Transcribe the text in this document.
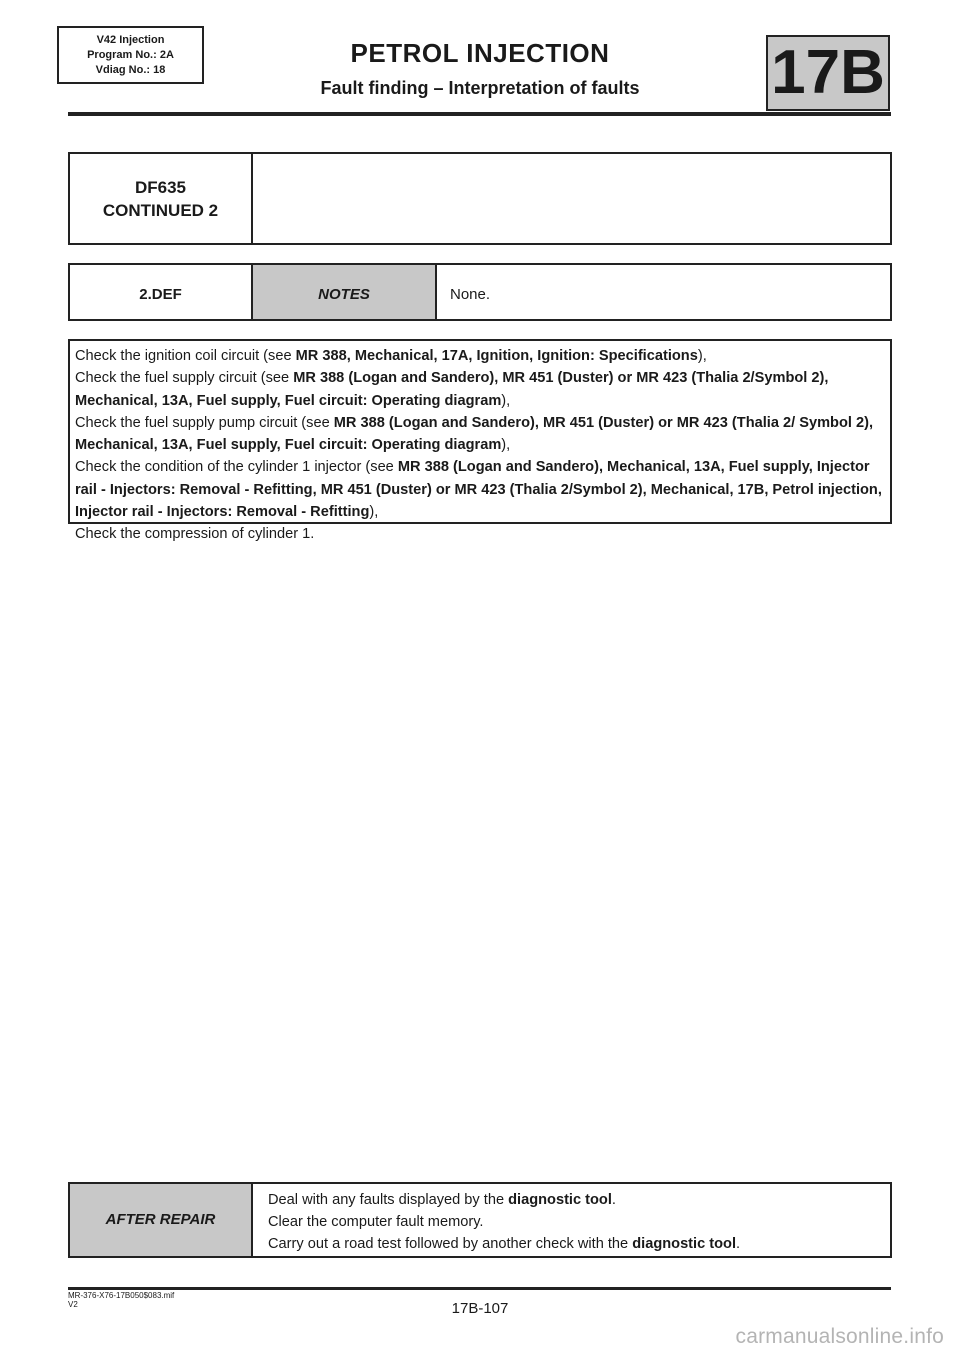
V42 Injection
Program No.: 2A
Vdiag No.: 18
PETROL INJECTION
Fault finding – Interpretation of faults	17B
DF635
CONTINUED 2
2.DEF	NOTES	None.

Check the ignition coil circuit (see MR 388, Mechanical, 17A, Ignition, Ignition: Specifications),

Check the fuel supply circuit (see MR 388 (Logan and Sandero), MR 451 (Duster) or MR 423 (Thalia 2/Symbol 2), Mechanical, 13A, Fuel supply, Fuel circuit: Operating diagram),

Check the fuel supply pump circuit (see MR 388 (Logan and Sandero), MR 451 (Duster) or MR 423 (Thalia 2/ Symbol 2), Mechanical, 13A, Fuel supply, Fuel circuit: Operating diagram),

Check the condition of the cylinder 1 injector (see MR 388 (Logan and Sandero), Mechanical, 13A, Fuel supply, Injector rail - Injectors: Removal - Refitting, MR 451 (Duster) or MR 423 (Thalia 2/Symbol 2), Mechanical, 17B, Petrol injection, Injector rail - Injectors: Removal - Refitting),

Check the compression of cylinder 1.

AFTER REPAIR

Deal with any faults displayed by the diagnostic tool.

Clear the computer fault memory.

Carry out a road test followed by another check with the diagnostic tool.

MR-376-X76-17B050$083.mif
V2	17B-107
carmanualsonline.info
